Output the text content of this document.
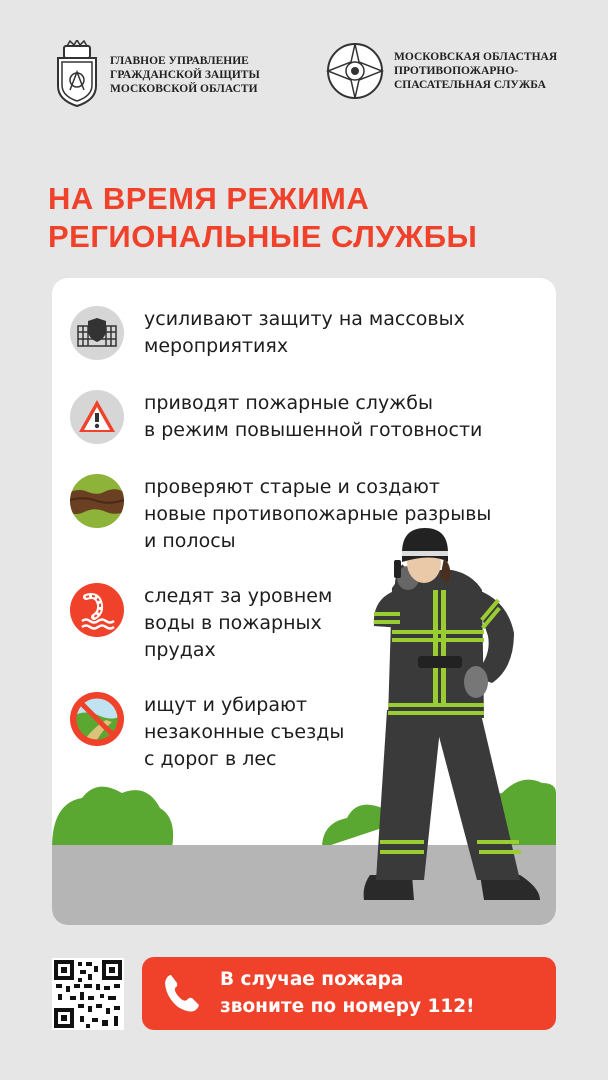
ГЛАВНОЕ УПРАВЛЕНИЕ
ГРАЖДАНСКОЙ ЗАЩИТЫ
МОСКОВСКОЙ ОБЛАСТИ
МОСКОВСКАЯ ОБЛАСТНАЯ
ПРОТИВОПОЖАРНО-
СПАСАТЕЛЬНАЯ СЛУЖБА
НА ВРЕМЯ РЕЖИМА
РЕГИОНАЛЬНЫЕ СЛУЖБЫ
усиливают защиту на массовых
мероприятиях
приводят пожарные службы
в режим повышенной готовности
проверяют старые и создают
новые противопожарные разрывы
и полосы
следят за уровнем
воды в пожарных
прудах
ищут и убирают
незаконные съезды
с дорог в лес
В случае пожара
звоните по номеру 112!
